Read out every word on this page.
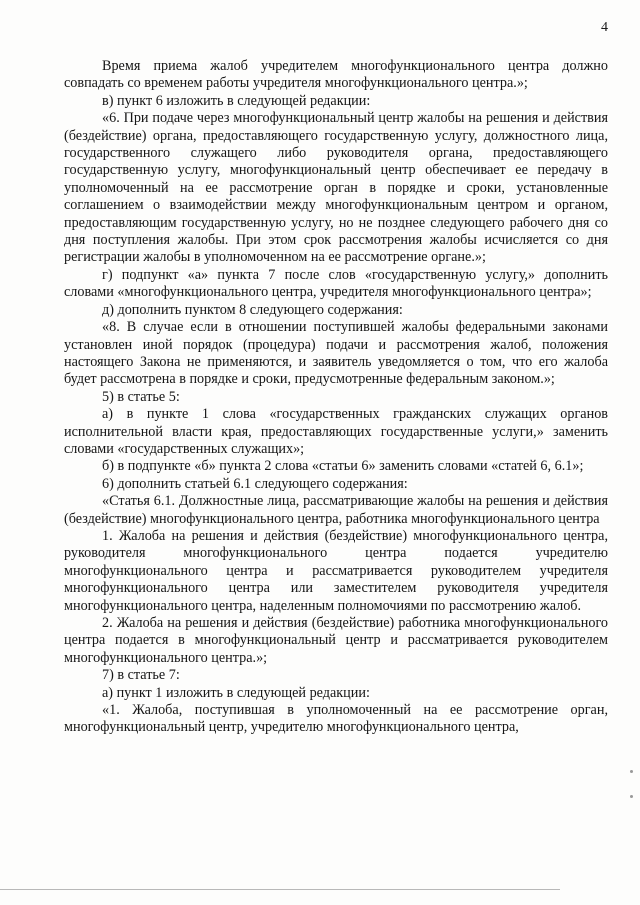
4

Время приема жалоб учредителем многофункционального центра должно совпадать со временем работы учредителя многофункционального центра.»;

в) пункт 6 изложить в следующей редакции:

«6. При подаче через многофункциональный центр жалобы на решения и действия (бездействие) органа, предоставляющего государственную услугу, должностного лица, государственного служащего либо руководителя органа, предоставляющего государственную услугу, многофункциональный центр обеспечивает ее передачу в уполномоченный на ее рассмотрение орган в порядке и сроки, установленные соглашением о взаимодействии между многофункциональным центром и органом, предоставляющим государственную услугу, но не позднее следующего рабочего дня со дня поступления жалобы. При этом срок рассмотрения жалобы исчисляется со дня регистрации жалобы в уполномоченном на ее рассмотрение органе.»;

г) подпункт «а» пункта 7 после слов «государственную услугу,» дополнить словами «многофункционального центра, учредителя многофункционального центра»;

д) дополнить пунктом 8 следующего содержания:

«8. В случае если в отношении поступившей жалобы федеральными законами установлен иной порядок (процедура) подачи и рассмотрения жалоб, положения настоящего Закона не применяются, и заявитель уведомляется о том, что его жалоба будет рассмотрена в порядке и сроки, предусмотренные федеральным законом.»;

5) в статье 5:

а) в пункте 1 слова «государственных гражданских служащих органов исполнительной власти края, предоставляющих государственные услуги,» заменить словами «государственных служащих»;

б) в подпункте «б» пункта 2 слова «статьи 6» заменить словами «статей 6, 6.1»;

6) дополнить статьей 6.1 следующего содержания:

«Статья 6.1. Должностные лица, рассматривающие жалобы на решения и действия (бездействие) многофункционального центра, работника многофункционального центра

1. Жалоба на решения и действия (бездействие) многофункционального центра, руководителя многофункционального центра подается учредителю многофункционального центра и рассматривается руководителем учредителя многофункционального центра или заместителем руководителя учредителя многофункционального центра, наделенным полномочиями по рассмотрению жалоб.

2. Жалоба на решения и действия (бездействие) работника многофункционального центра подается в многофункциональный центр и рассматривается руководителем многофункционального центра.»;

7) в статье 7:

а) пункт 1 изложить в следующей редакции:

«1. Жалоба, поступившая в уполномоченный на ее рассмотрение орган, многофункциональный центр, учредителю многофункционального центра,
